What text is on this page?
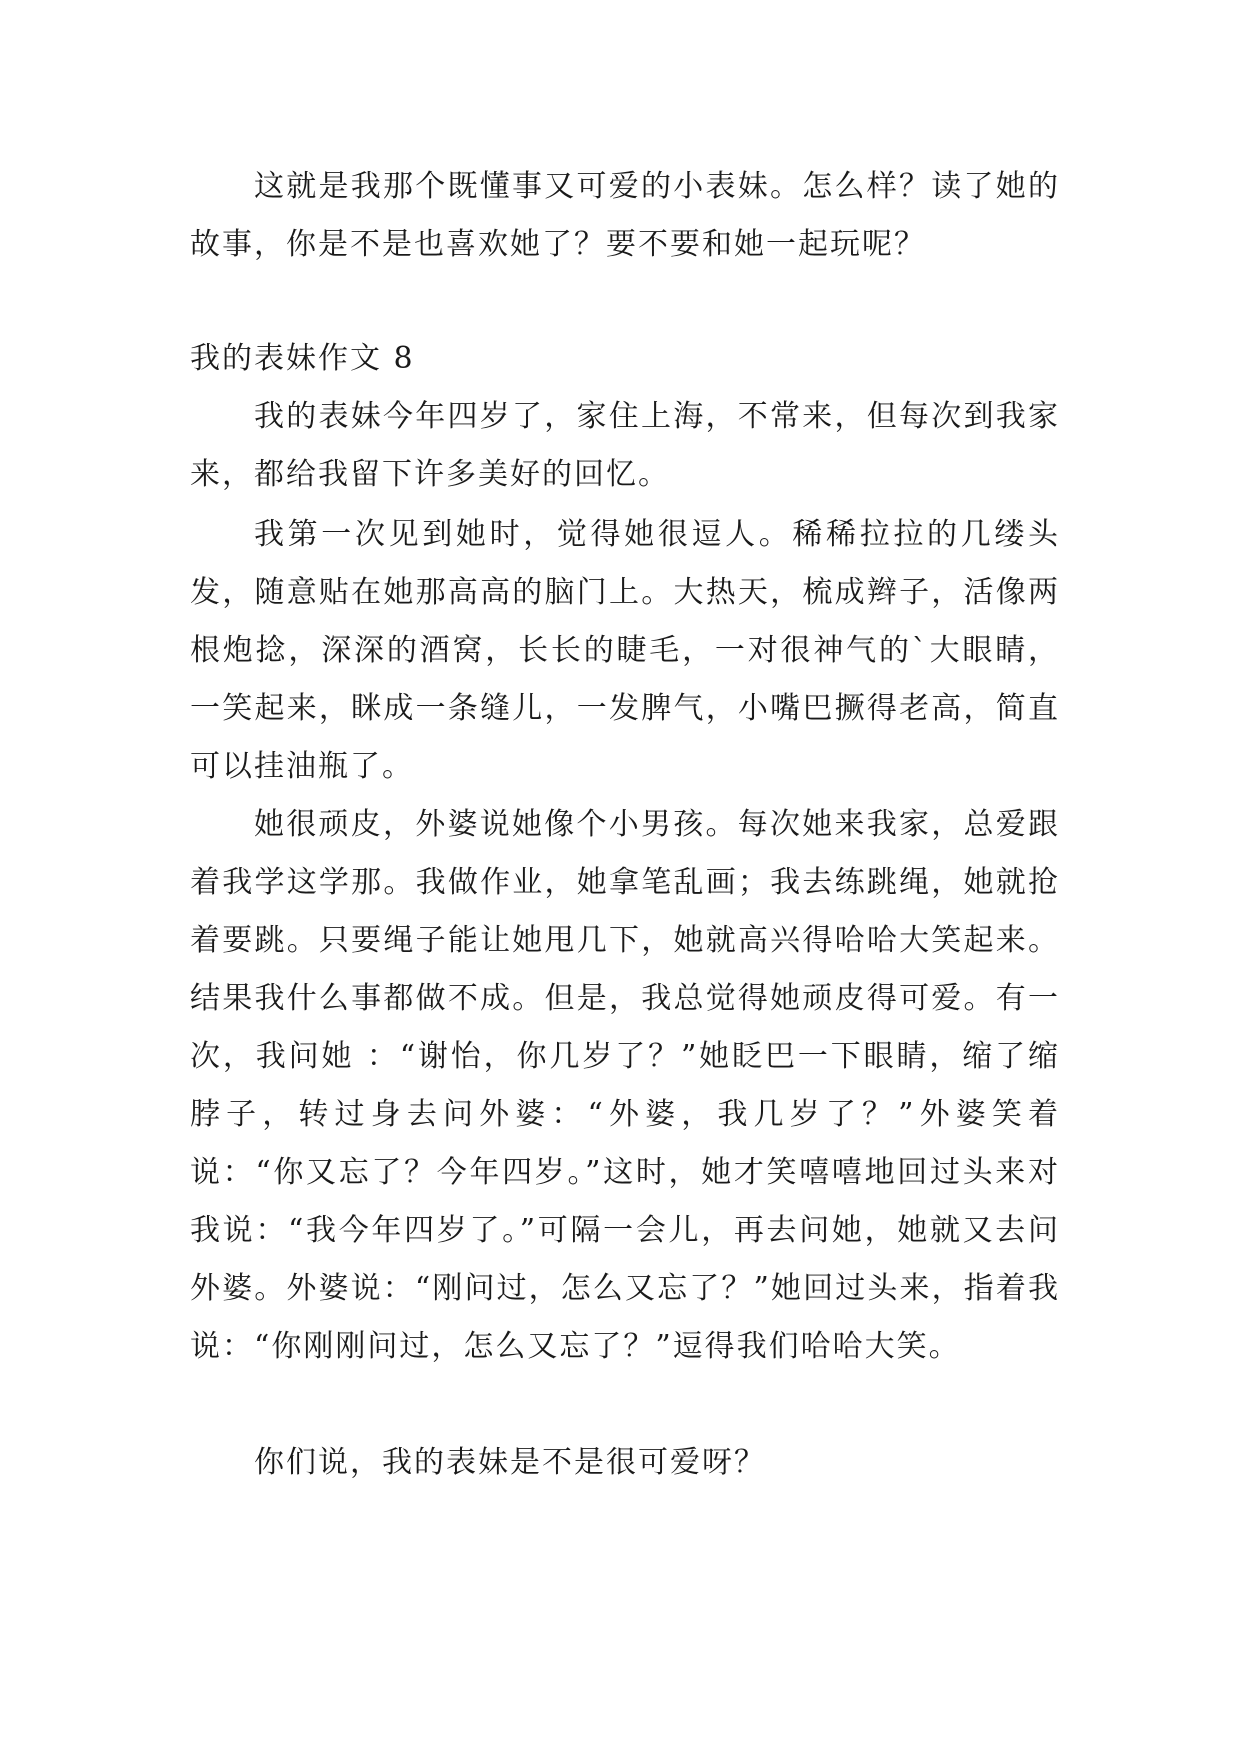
这就是我那个既懂事又可爱的小表妹。怎么样？读了她的故事，你是不是也喜欢她了？要不要和她一起玩呢？

我的表妹作文 8

我的表妹今年四岁了，家住上海，不常来，但每次到我家来，都给我留下许多美好的回忆。

我第一次见到她时，觉得她很逗人。稀稀拉拉的几缕头发，随意贴在她那高高的脑门上。大热天，梳成辫子，活像两根炮捻，深深的酒窝，长长的睫毛，一对很神气的`大眼睛，一笑起来，眯成一条缝儿，一发脾气，小嘴巴撅得老高，简直可以挂油瓶了。

她很顽皮，外婆说她像个小男孩。每次她来我家，总爱跟着我学这学那。我做作业，她拿笔乱画；我去练跳绳，她就抢着要跳。只要绳子能让她甩几下，她就高兴得哈哈大笑起来。结果我什么事都做不成。但是，我总觉得她顽皮得可爱。有一次，我问她 ：“谢怡，你几岁了？”她眨巴一下眼睛，缩了缩脖子，转过身去问外婆：“外婆，我几岁了？”外婆笑着说：“你又忘了？今年四岁。”这时，她才笑嘻嘻地回过头来对我说：“我今年四岁了。”可隔一会儿，再去问她，她就又去问外婆。外婆说：“刚问过，怎么又忘了？”她回过头来，指着我说：“你刚刚问过，怎么又忘了？”逗得我们哈哈大笑。

你们说，我的表妹是不是很可爱呀？
